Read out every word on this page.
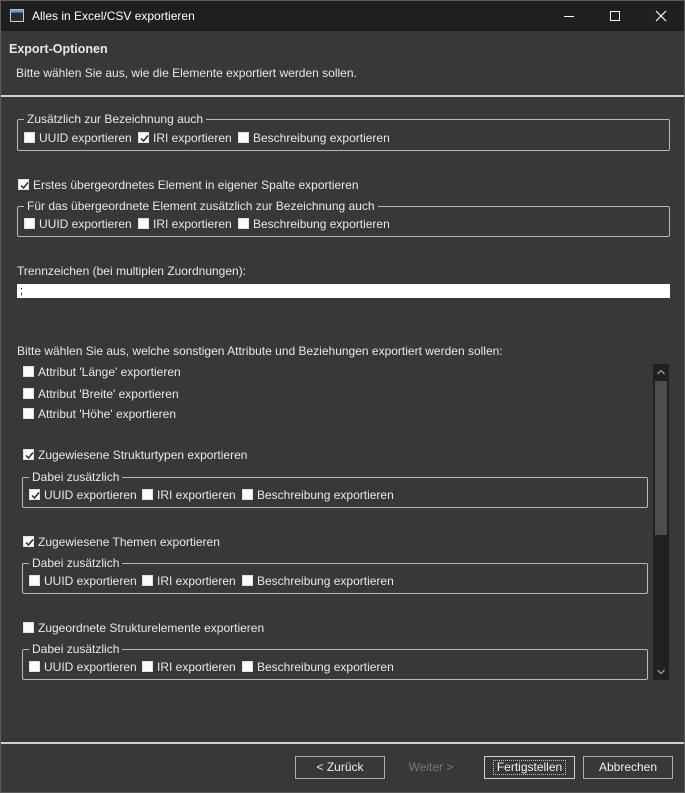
Alles in Excel/CSV exportieren
Export-Optionen
Bitte wählen Sie aus, wie die Elemente exportiert werden sollen.
Zusätzlich zur Bezeichnung auch
UUID exportieren	IRI exportieren	Beschreibung exportieren
Erstes übergeordnetes Element in eigener Spalte exportieren
Für das übergeordnete Element zusätzlich zur Bezeichnung auch
UUID exportieren	IRI exportieren	Beschreibung exportieren
Trennzeichen (bei multiplen Zuordnungen):
;
Bitte wählen Sie aus, welche sonstigen Attribute und Beziehungen exportiert werden sollen:
Attribut 'Länge' exportieren
Attribut 'Breite' exportieren
Attribut 'Höhe' exportieren
Zugewiesene Strukturtypen exportieren
Dabei zusätzlich
UUID exportieren	IRI exportieren	Beschreibung exportieren
Zugewiesene Themen exportieren
Dabei zusätzlich
UUID exportieren	IRI exportieren	Beschreibung exportieren
Zugeordnete Strukturelemente exportieren
Dabei zusätzlich
UUID exportieren	IRI exportieren	Beschreibung exportieren
< Zurück	Weiter >	Fertigstellen	Abbrechen
